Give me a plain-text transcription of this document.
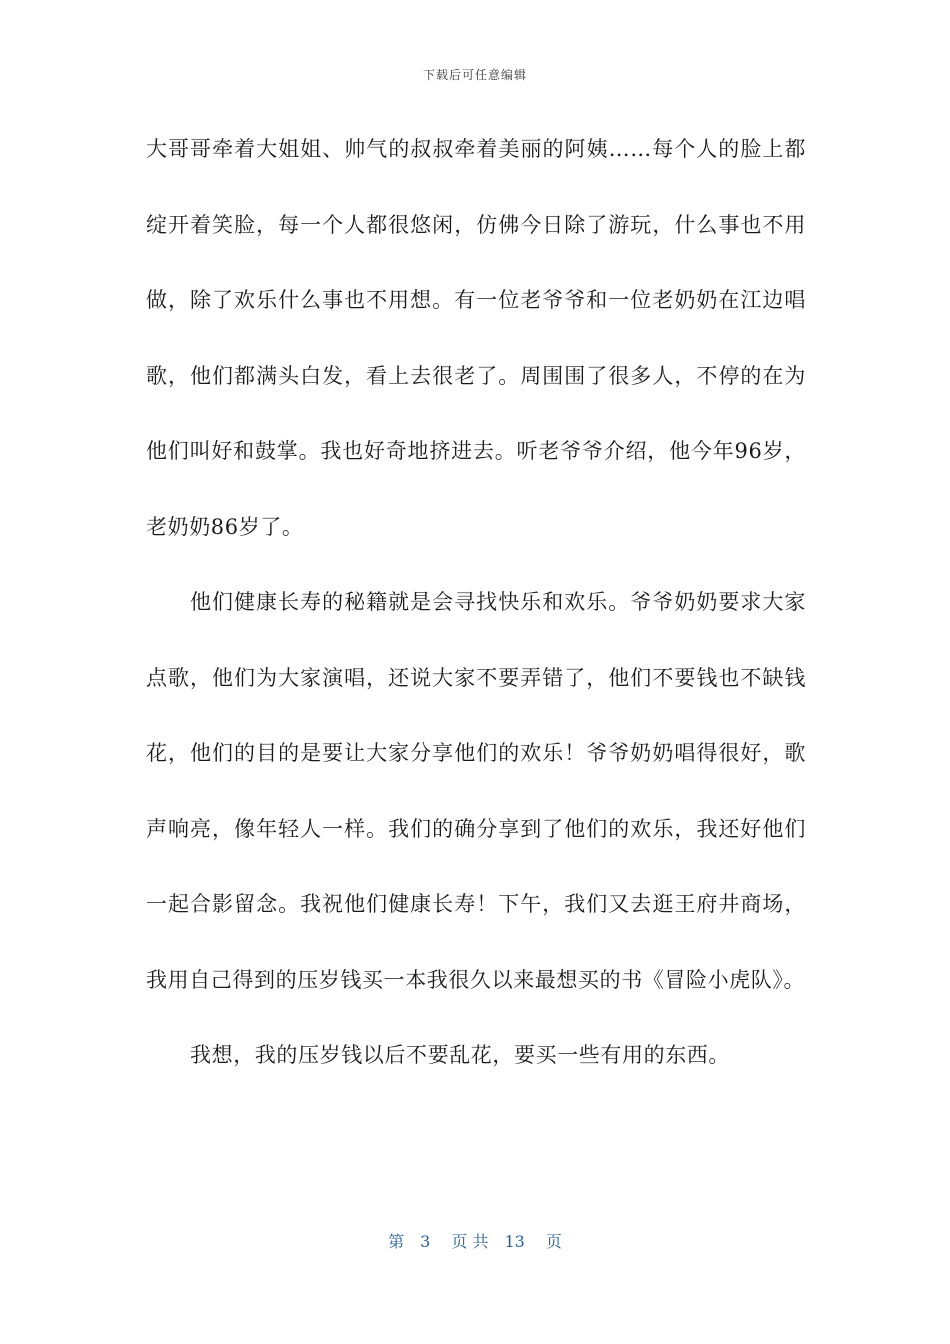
下载后可任意编辑

大哥哥牵着大姐姐、帅气的叔叔牵着美丽的阿姨……每个人的脸上都绽开着笑脸，每一个人都很悠闲，仿佛今日除了游玩，什么事也不用做，除了欢乐什么事也不用想。有一位老爷爷和一位老奶奶在江边唱歌，他们都满头白发，看上去很老了。周围围了很多人，不停的在为他们叫好和鼓掌。我也好奇地挤进去。听老爷爷介绍，他今年96岁，老奶奶86岁了。

他们健康长寿的秘籍就是会寻找快乐和欢乐。爷爷奶奶要求大家点歌，他们为大家演唱，还说大家不要弄错了，他们不要钱也不缺钱花，他们的目的是要让大家分享他们的欢乐！爷爷奶奶唱得很好，歌声响亮，像年轻人一样。我们的确分享到了他们的欢乐，我还好他们一起合影留念。我祝他们健康长寿！下午，我们又去逛王府井商场，我用自己得到的压岁钱买一本我很久以来最想买的书《冒险小虎队》。

我想，我的压岁钱以后不要乱花，要买一些有用的东西。

第　3　 页 共　13　 页
